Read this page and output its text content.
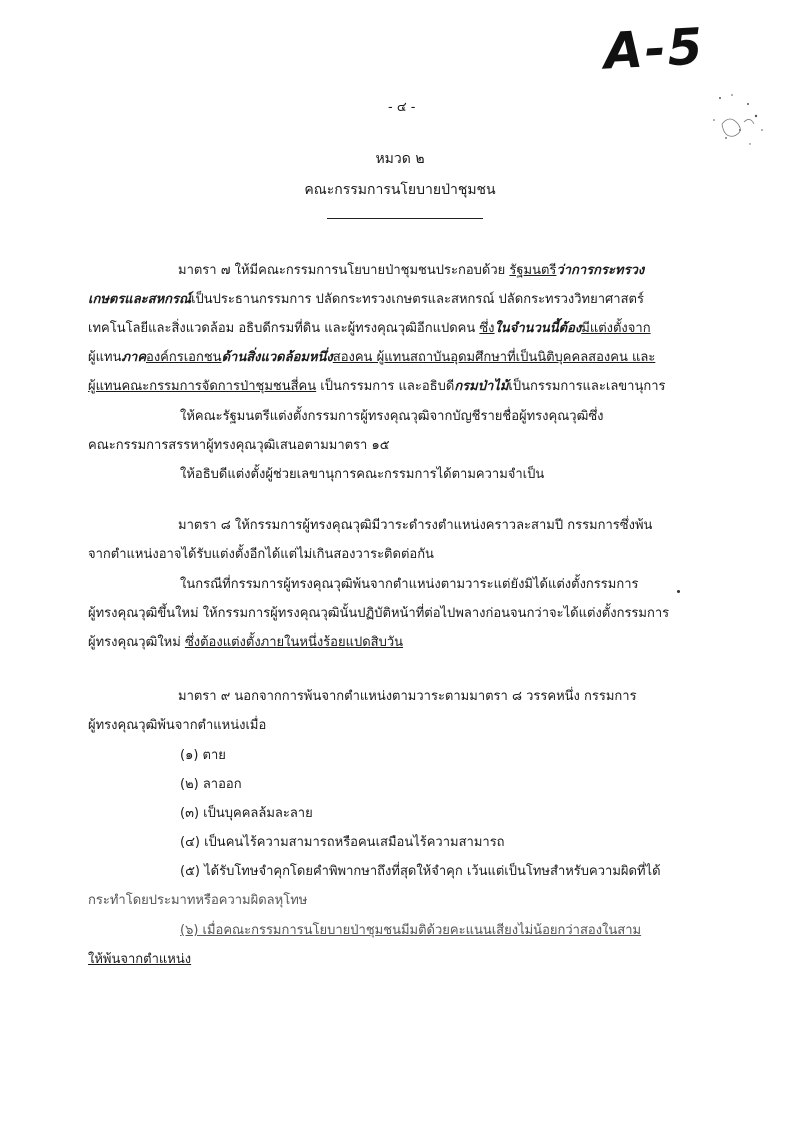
A-5
- ๔ -
หมวด ๒
คณะกรรมการนโยบายป่าชุมชน
มาตรา ๗ ให้มีคณะกรรมการนโยบายป่าชุมชนประกอบด้วย รัฐมนตรีว่าการกระทรวง
เกษตรและสหกรณ์เป็นประธานกรรมการ ปลัดกระทรวงเกษตรและสหกรณ์ ปลัดกระทรวงวิทยาศาสตร์
เทคโนโลยีและสิ่งแวดล้อม อธิบดีกรมที่ดิน และผู้ทรงคุณวุฒิอีกแปดคน ซึ่งในจำนวนนี้ต้องมีแต่งตั้งจาก
ผู้แทนภาคองค์กรเอกชนด้านสิ่งแวดล้อมหนึ่งสองคน ผู้แทนสถาบันอุดมศึกษาที่เป็นนิติบุคคลสองคน และ
ผู้แทนคณะกรรมการจัดการป่าชุมชนสี่คน เป็นกรรมการ และอธิบดีกรมป่าไม้เป็นกรรมการและเลขานุการ
ให้คณะรัฐมนตรีแต่งตั้งกรรมการผู้ทรงคุณวุฒิจากบัญชีรายชื่อผู้ทรงคุณวุฒิซึ่ง
คณะกรรมการสรรหาผู้ทรงคุณวุฒิเสนอตามมาตรา ๑๕
ให้อธิบดีแต่งตั้งผู้ช่วยเลขานุการคณะกรรมการได้ตามความจำเป็น
มาตรา ๘ ให้กรรมการผู้ทรงคุณวุฒิมีวาระดำรงตำแหน่งคราวละสามปี กรรมการซึ่งพ้น
จากตำแหน่งอาจได้รับแต่งตั้งอีกได้แต่ไม่เกินสองวาระติดต่อกัน
ในกรณีที่กรรมการผู้ทรงคุณวุฒิพ้นจากตำแหน่งตามวาระแต่ยังมิได้แต่งตั้งกรรมการ
ผู้ทรงคุณวุฒิขึ้นใหม่ ให้กรรมการผู้ทรงคุณวุฒินั้นปฏิบัติหน้าที่ต่อไปพลางก่อนจนกว่าจะได้แต่งตั้งกรรมการ
ผู้ทรงคุณวุฒิใหม่ ซึ่งต้องแต่งตั้งภายในหนึ่งร้อยแปดสิบวัน
มาตรา ๙ นอกจากการพ้นจากตำแหน่งตามวาระตามมาตรา ๘ วรรคหนึ่ง กรรมการ
ผู้ทรงคุณวุฒิพ้นจากตำแหน่งเมื่อ
(๑) ตาย
(๒) ลาออก
(๓) เป็นบุคคลล้มละลาย
(๔) เป็นคนไร้ความสามารถหรือคนเสมือนไร้ความสามารถ
(๕) ได้รับโทษจำคุกโดยคำพิพากษาถึงที่สุดให้จำคุก เว้นแต่เป็นโทษสำหรับความผิดที่ได้
กระทำโดยประมาทหรือความผิดลหุโทษ
(๖) เมื่อคณะกรรมการนโยบายป่าชุมชนมีมติด้วยคะแนนเสียงไม่น้อยกว่าสองในสาม
ให้พ้นจากตำแหน่ง
